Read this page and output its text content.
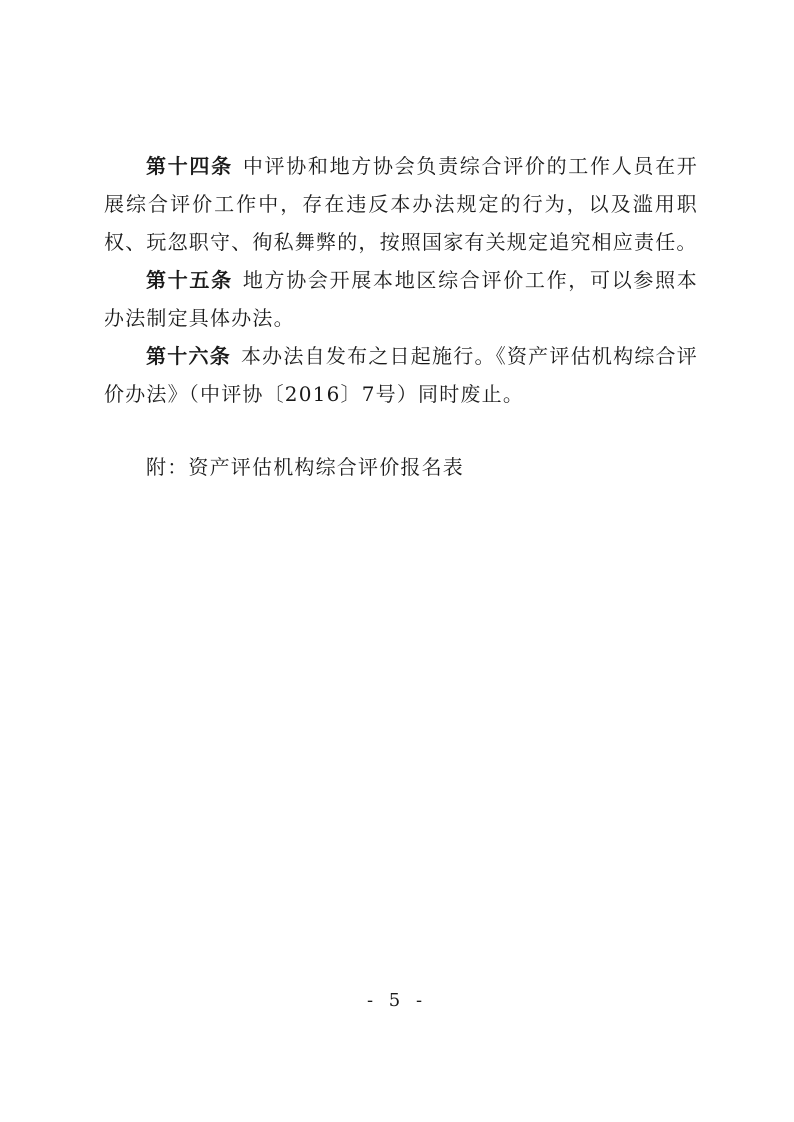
第十四条 中评协和地方协会负责综合评价的工作人员在开展综合评价工作中，存在违反本办法规定的行为，以及滥用职权、玩忽职守、徇私舞弊的，按照国家有关规定追究相应责任。

第十五条 地方协会开展本地区综合评价工作，可以参照本办法制定具体办法。

第十六条 本办法自发布之日起施行。《资产评估机构综合评价办法》（中评协〔2016〕7号）同时废止。

附：资产评估机构综合评价报名表

- 5 -
